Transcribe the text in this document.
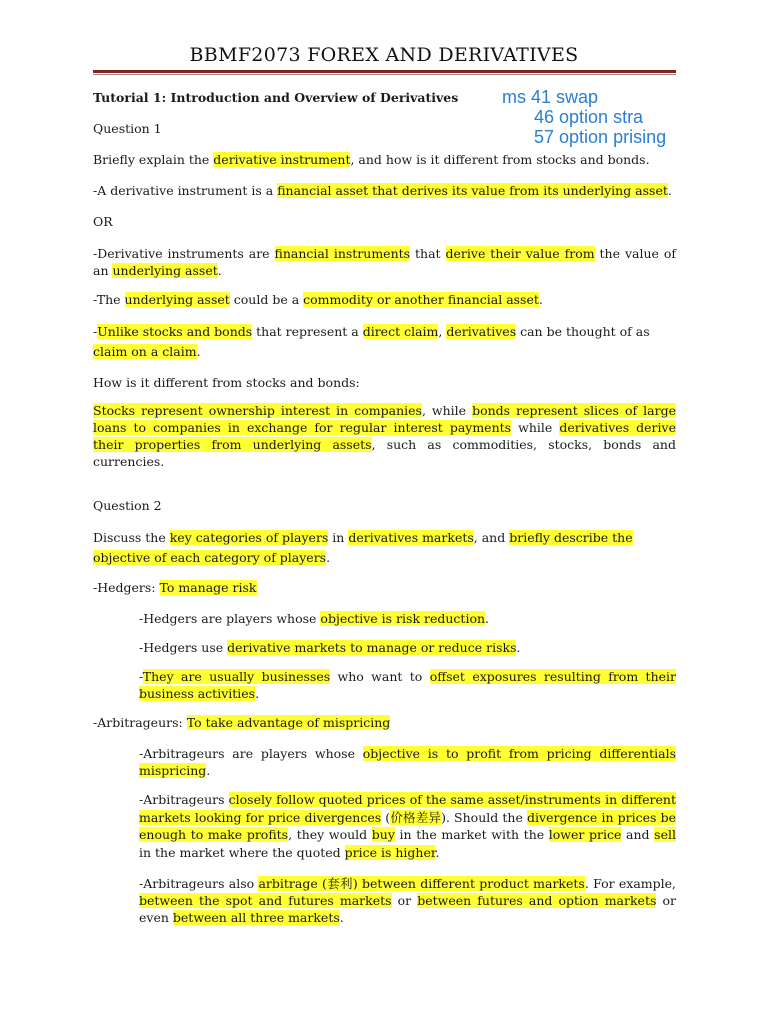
BBMF2073 FOREX AND DERIVATIVES
ms 41 swap
46 option stra
57 option prising
Tutorial 1: Introduction and Overview of Derivatives
Question 1
Briefly explain the derivative instrument, and how is it different from stocks and bonds.
-A derivative instrument is a financial asset that derives its value from its underlying asset.
OR
-Derivative instruments are financial instruments that derive their value from the value of an underlying asset.
-The underlying asset could be a commodity or another financial asset.
-Unlike stocks and bonds that represent a direct claim, derivatives can be thought of as claim on a claim.
How is it different from stocks and bonds:
Stocks represent ownership interest in companies, while bonds represent slices of large loans to companies in exchange for regular interest payments while derivatives derive their properties from underlying assets, such as commodities, stocks, bonds and currencies.
Question 2
Discuss the key categories of players in derivatives markets, and briefly describe the objective of each category of players.
-Hedgers: To manage risk
-Hedgers are players whose objective is risk reduction.
-Hedgers use derivative markets to manage or reduce risks.
-They are usually businesses who want to offset exposures resulting from their business activities.
-Arbitrageurs: To take advantage of mispricing
-Arbitrageurs are players whose objective is to profit from pricing differentials mispricing.
-Arbitrageurs closely follow quoted prices of the same asset/instruments in different markets looking for price divergences (价格差异). Should the divergence in prices be enough to make profits, they would buy in the market with the lower price and sell in the market where the quoted price is higher.
-Arbitrageurs also arbitrage (套利) between different product markets. For example, between the spot and futures markets or between futures and option markets or even between all three markets.
